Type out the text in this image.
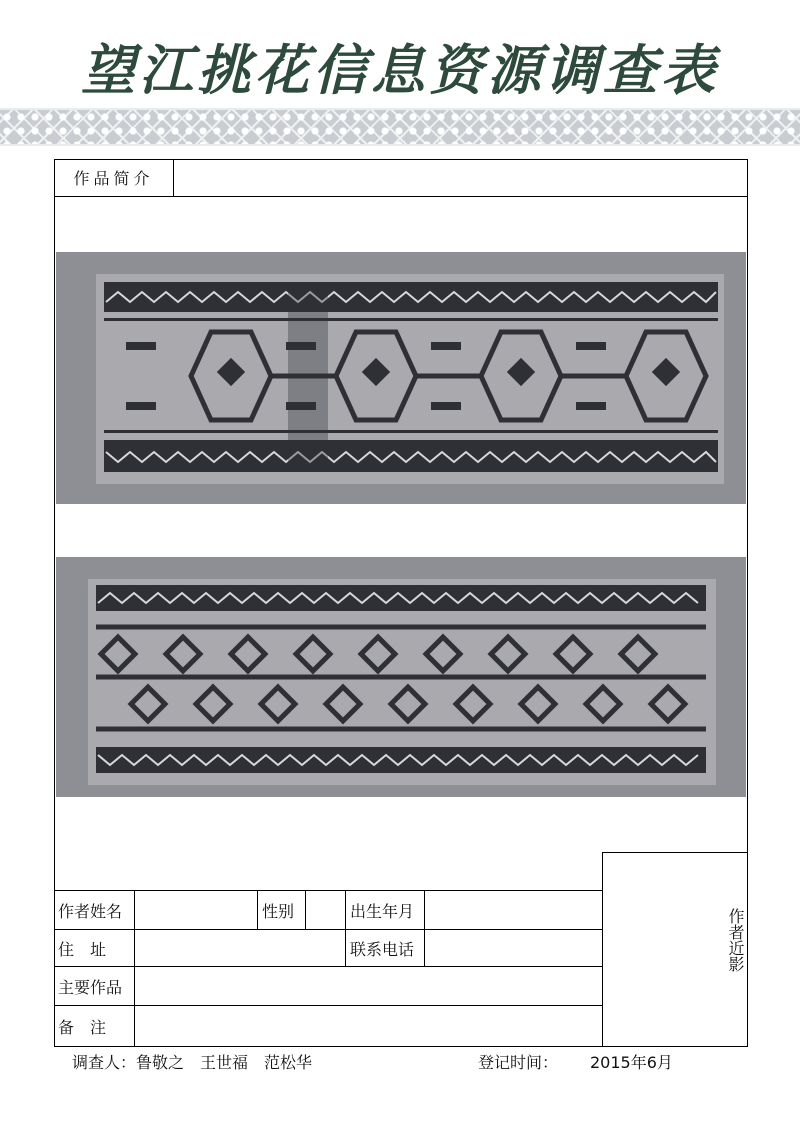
望江挑花信息资源调查表
作品简介
作者近影
作者姓名	性别	出生年月
住　址	联系电话
主要作品
备　注
调查人：鲁敬之　王世福　范松华	登记时间： 2015年6月
